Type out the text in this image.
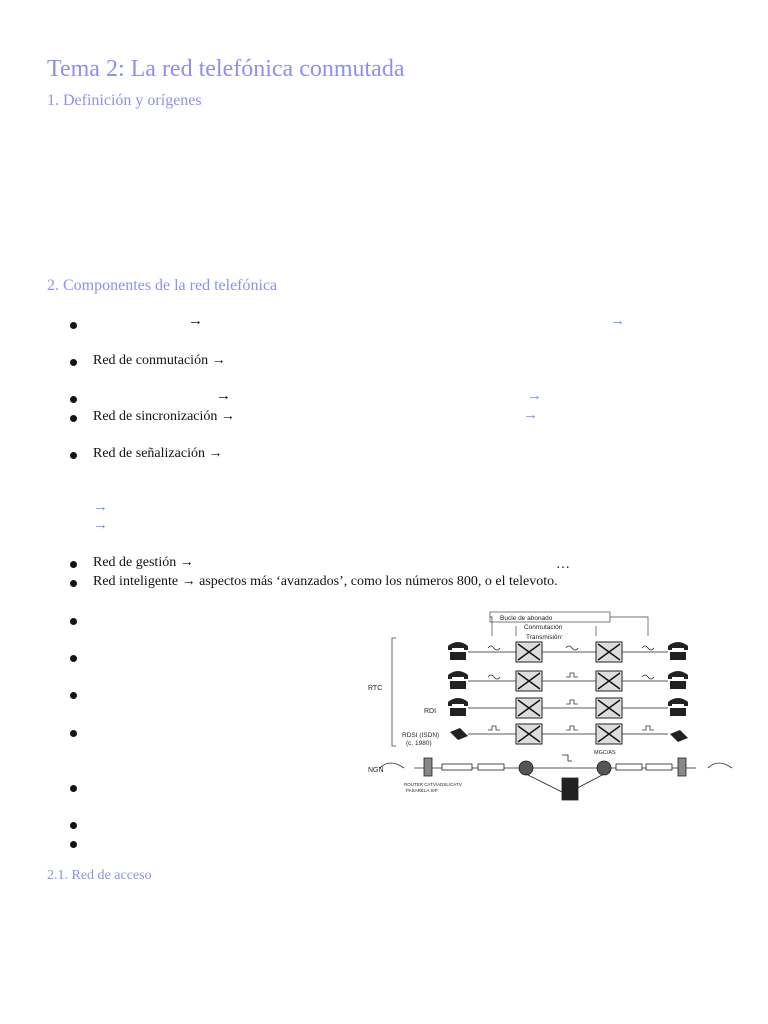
Tema 2: La red telefónica conmutada
1. Definición y orígenes
2. Componentes de la red telefónica
→	→
Red de conmutación →
→	→
Red de sincronización →	→
Red de señalización →
→
→
Red de gestión →	…
Red inteligente → aspectos más ‘avanzados’, como los números 800, o el televoto.
2.1. Red de acceso
Bucle de abonado
Conmutación
Transmisión
RTC
RDI
RDSI (ISDN)
(c. 1980)
NGN
MGC/AS
ROUTER CATV/ADSL/CATV
PASARELA SIP
